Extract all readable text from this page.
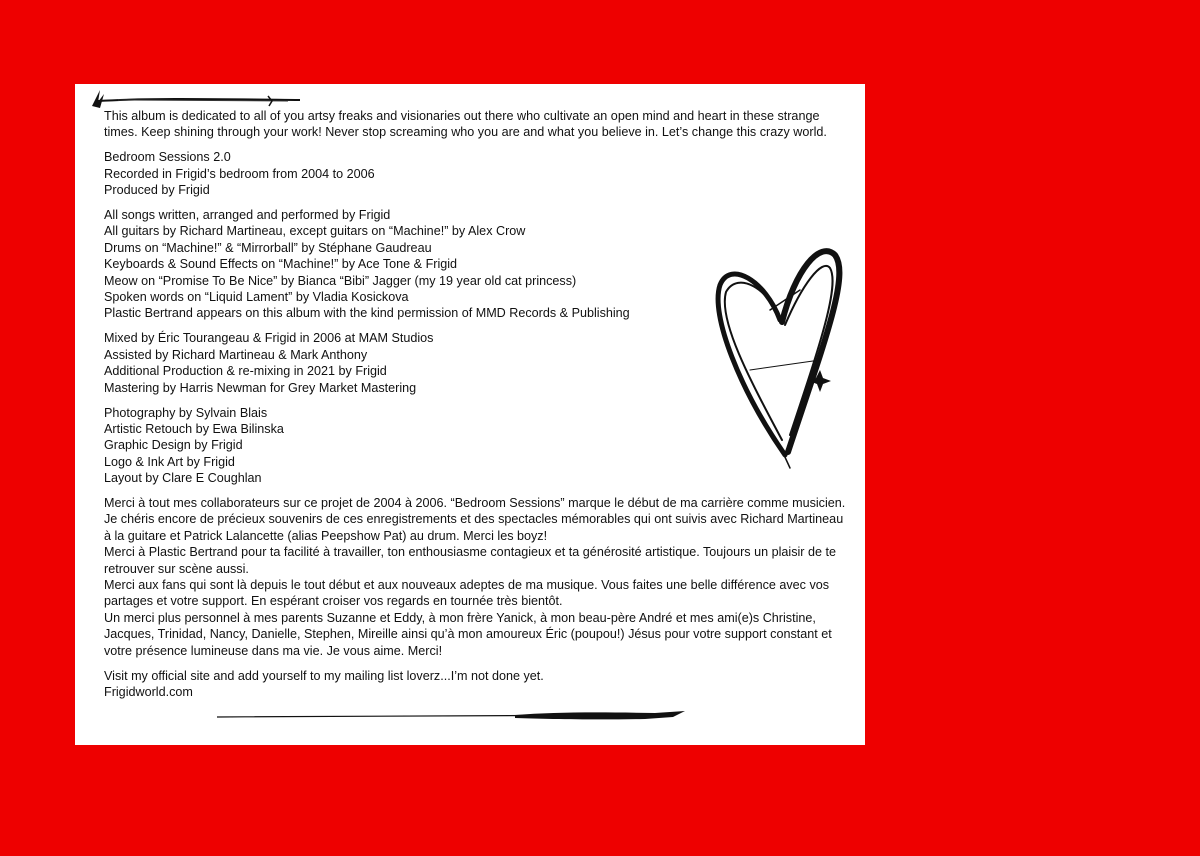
This album is dedicated to all of you artsy freaks and visionaries out there who cultivate an open mind and heart in these strange times. Keep shining through your work! Never stop screaming who you are and what you believe in. Let’s change this crazy world.

Bedroom Sessions 2.0
Recorded in Frigid’s bedroom from 2004 to 2006
Produced by Frigid

All songs written, arranged and performed by Frigid
All guitars by Richard Martineau, except guitars on “Machine!” by Alex Crow
Drums on “Machine!” & “Mirrorball” by Stéphane Gaudreau
Keyboards & Sound Effects on “Machine!” by Ace Tone & Frigid
Meow on “Promise To Be Nice” by Bianca “Bibi” Jagger (my 19 year old cat princess)
Spoken words on “Liquid Lament” by Vladia Kosickova
Plastic Bertrand appears on this album with the kind permission of MMD Records & Publishing

Mixed by Éric Tourangeau & Frigid in 2006 at MAM Studios
Assisted by Richard Martineau & Mark Anthony
Additional Production & re-mixing in 2021 by Frigid
Mastering by Harris Newman for Grey Market Mastering

Photography by Sylvain Blais
Artistic Retouch by Ewa Bilinska
Graphic Design by Frigid
Logo & Ink Art by Frigid
Layout by Clare E Coughlan

Merci à tout mes collaborateurs sur ce projet de 2004 à 2006. “Bedroom Sessions” marque le début de ma carrière comme musicien. Je chéris encore de précieux souvenirs de ces enregistrements et des spectacles mémorables qui ont suivis avec Richard Martineau à la guitare et Patrick Lalancette (alias Peepshow Pat) au drum. Merci les boyz!
Merci à Plastic Bertrand pour ta facilité à travailler, ton enthousiasme contagieux et ta générosité artistique. Toujours un plaisir de te retrouver sur scène aussi.
Merci aux fans qui sont là depuis le tout début et aux nouveaux adeptes de ma musique. Vous faites une belle différence avec vos partages et votre support. En espérant croiser vos regards en tournée très bientôt.
Un merci plus personnel à mes parents Suzanne et Eddy, à mon frère Yanick, à mon beau-père André et mes ami(e)s Christine, Jacques, Trinidad, Nancy, Danielle, Stephen, Mireille ainsi qu’à mon amoureux Éric (poupou!) Jésus pour votre support constant et votre présence lumineuse dans ma vie. Je vous aime. Merci!

Visit my official site and add yourself to my mailing list loverz...I’m not done yet.
Frigidworld.com
